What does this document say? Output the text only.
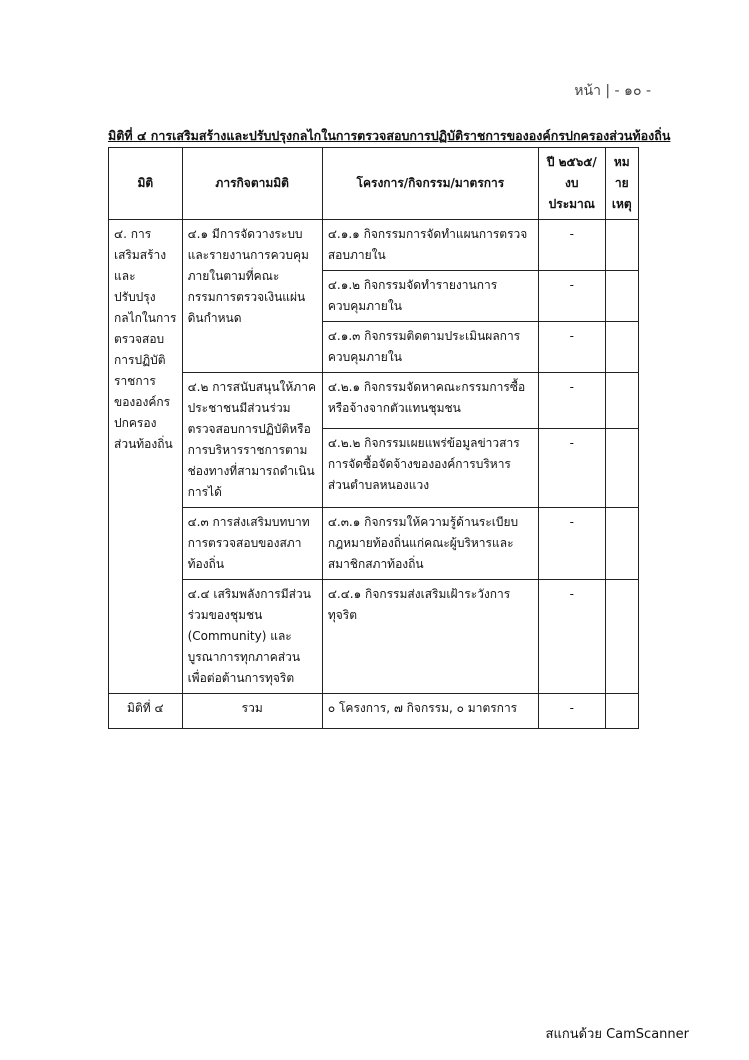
หน้า | - ๑๐ -
มิติที่ ๔ การเสริมสร้างและปรับปรุงกลไกในการตรวจสอบการปฏิบัติราชการขององค์กรปกครองส่วนท้องถิ่น
มิติ	ภารกิจตามมิติ	โครงการ/กิจกรรม/มาตรการ	ปี ๒๕๖๕/ งบประมาณ	หมายเหตุ
๔. การเสริมสร้างและปรับปรุงกลไกในการตรวจสอบการปฏิบัติราชการขององค์กรปกครองส่วนท้องถิ่น	๔.๑ มีการจัดวางระบบและรายงานการควบคุมภายในตามที่คณะกรรมการตรวจเงินแผ่นดินกำหนด	๔.๑.๑ กิจกรรมการจัดทำแผนการตรวจสอบภายใน	-	
		๔.๑.๒ กิจกรรมจัดทำรายงานการควบคุมภายใน	-	
		๔.๑.๓ กิจกรรมติดตามประเมินผลการควบคุมภายใน	-	
	๔.๒ การสนับสนุนให้ภาคประชาชนมีส่วนร่วมตรวจสอบการปฏิบัติหรือการบริหารราชการตามช่องทางที่สามารถดำเนินการได้	๔.๒.๑ กิจกรรมจัดหาคณะกรรมการซื้อหรือจ้างจากตัวแทนชุมชน	-	
		๔.๒.๒ กิจกรรมเผยแพร่ข้อมูลข่าวสารการจัดซื้อจัดจ้างขององค์การบริหารส่วนตำบลหนองแวง	-	
	๔.๓ การส่งเสริมบทบาทการตรวจสอบของสภาท้องถิ่น	๔.๓.๑ กิจกรรมให้ความรู้ด้านระเบียบกฎหมายท้องถิ่นแก่คณะผู้บริหารและสมาชิกสภาท้องถิ่น	-	
	๔.๔ เสริมพลังการมีส่วนร่วมของชุมชน (Community) และบูรณาการทุกภาคส่วนเพื่อต่อต้านการทุจริต	๔.๔.๑ กิจกรรมส่งเสริมเฝ้าระวังการทุจริต	-	
มิติที่ ๔	รวม	๐ โครงการ, ๗ กิจกรรม, ๐ มาตรการ	-	
สแกนด้วย CamScanner
